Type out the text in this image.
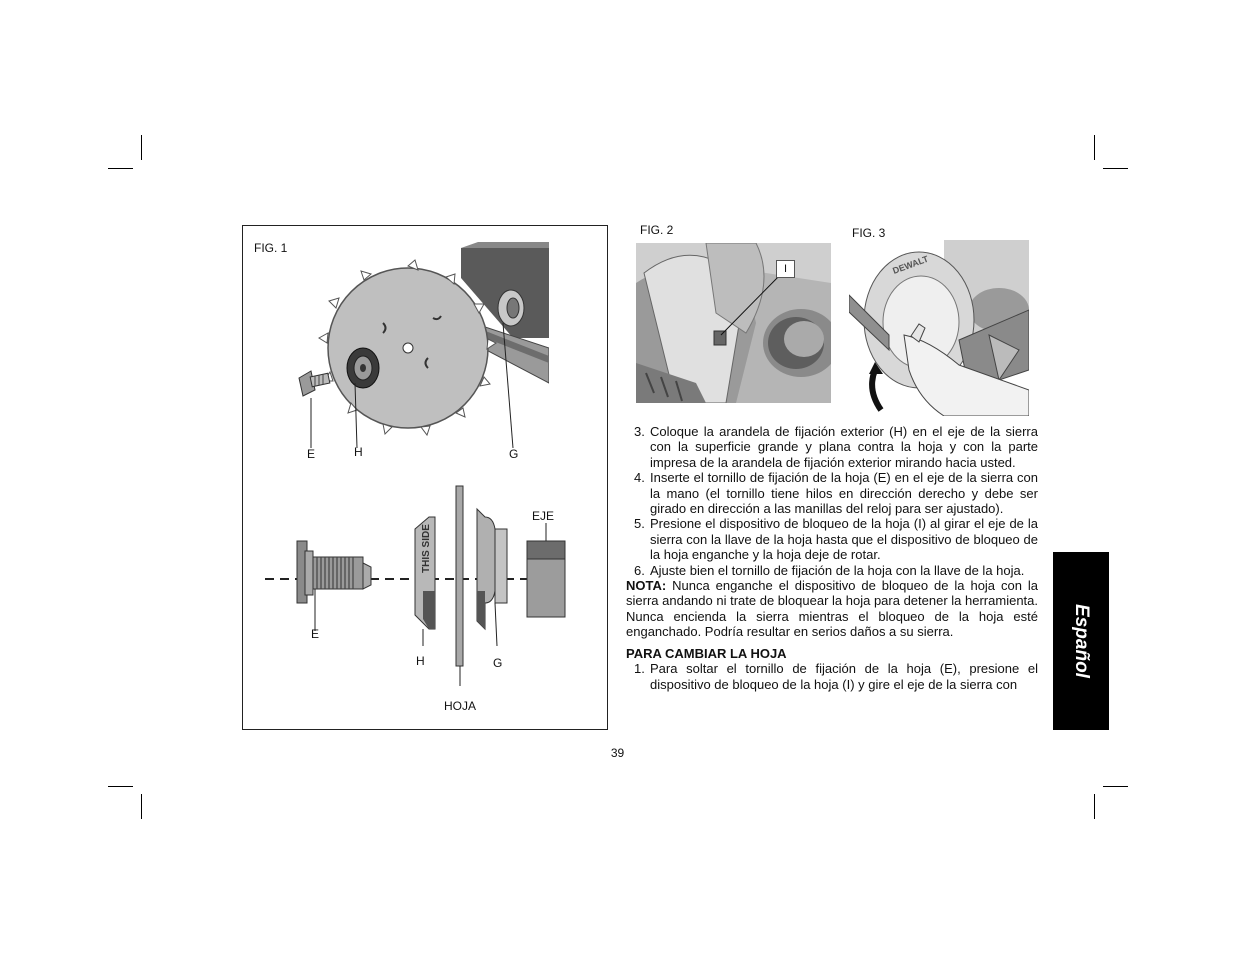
FIG. 1
E	H	G
THIS SIDE
EJE
E
H	G
HOJA
FIG. 2
I
FIG. 3
DEWALT
3. Coloque la arandela de fijación exterior (H) en el eje de la sierra con la superficie grande y plana contra la hoja y con la parte impresa de la arandela de fijación exterior mirando hacia usted.
4. Inserte el tornillo de fijación de la hoja (E) en el eje de la sierra con la mano (el tornillo tiene hilos en dirección derecho y debe ser girado en dirección a las manillas del reloj para ser ajustado).
5. Presione el dispositivo de bloqueo de la hoja (I) al girar el eje de la sierra con la llave de la hoja hasta que el dispositivo de bloqueo de la hoja enganche y la hoja deje de rotar.
6. Ajuste bien el tornillo de fijación de la hoja con la llave de la hoja.

NOTA: Nunca enganche el dispositivo de bloqueo de la hoja con la sierra andando ni trate de bloquear la hoja para detener la herramienta. Nunca encienda la sierra mientras el bloqueo de la hoja esté enganchado. Podría resultar en serios daños a su sierra.

PARA CAMBIAR LA HOJA

1. Para soltar el tornillo de fijación de la hoja (E), presione el dispositivo de bloqueo de la hoja (I) y gire el eje de la sierra con
Español
39
